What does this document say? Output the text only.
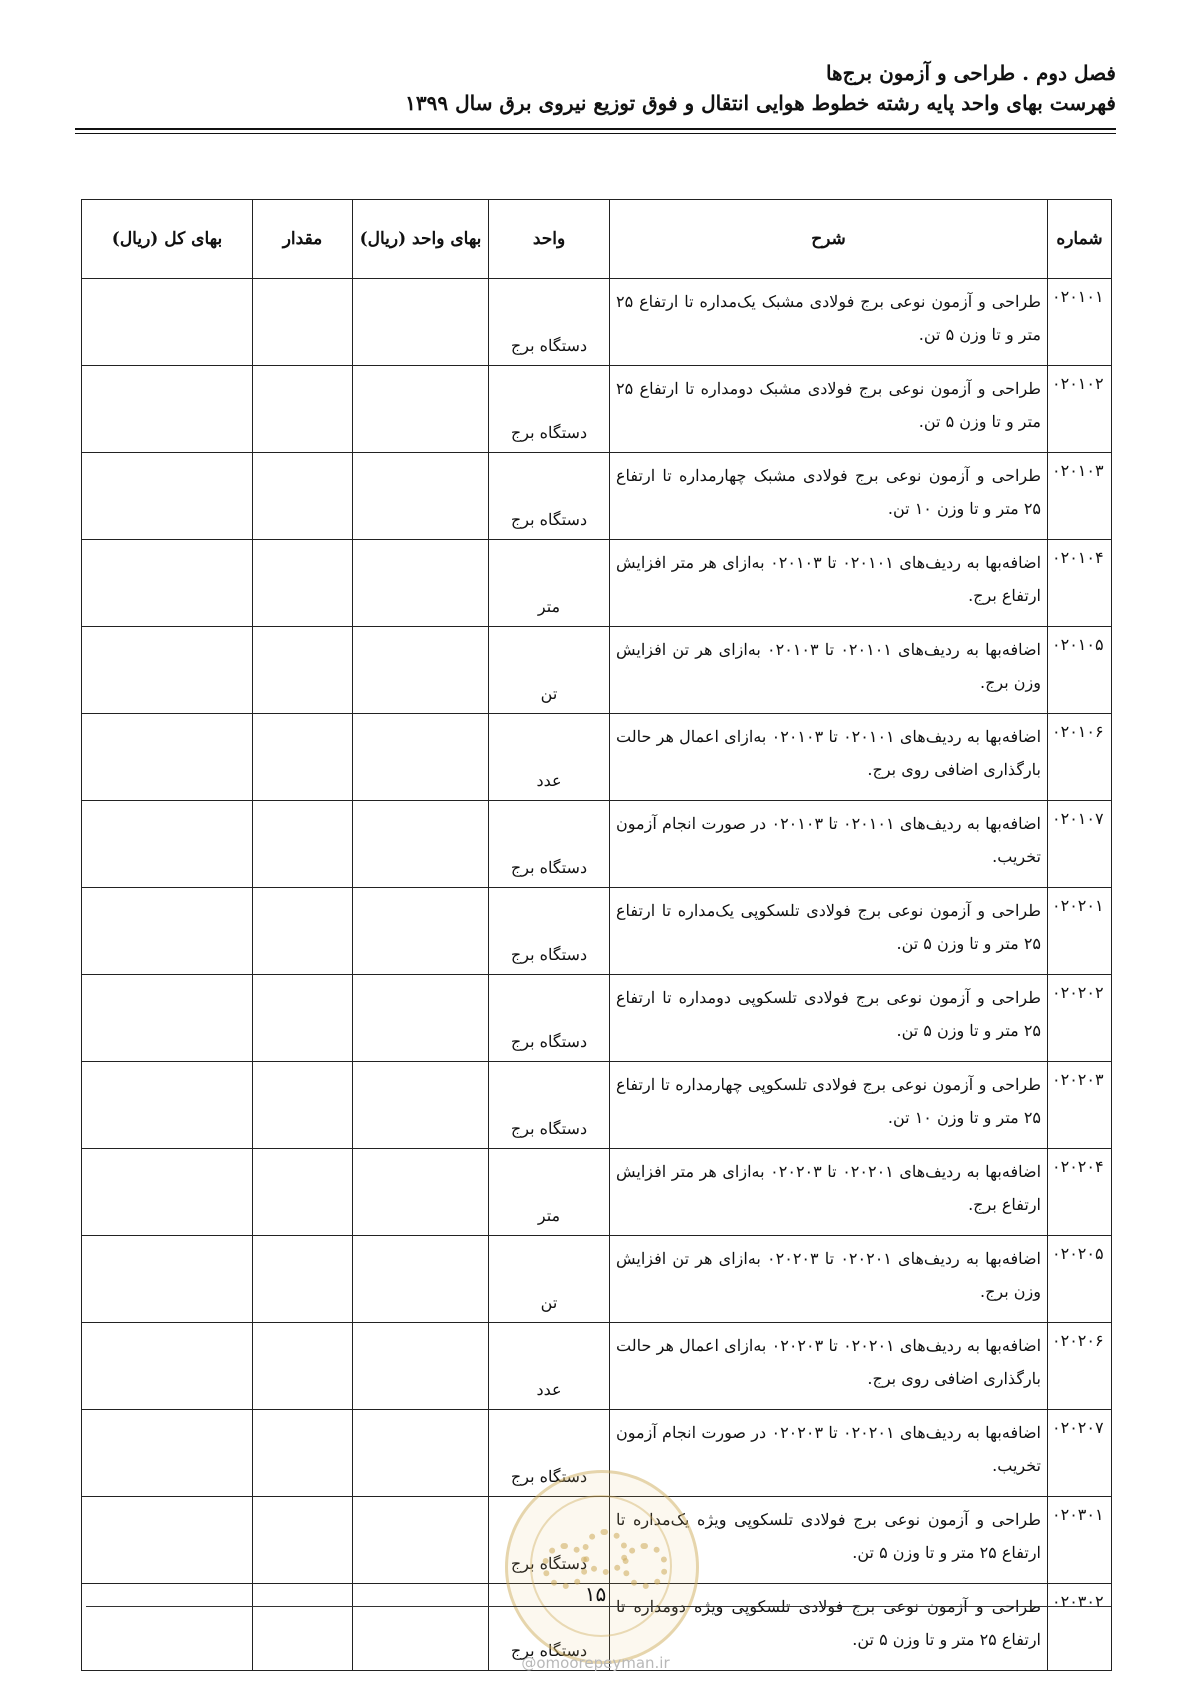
فصل دوم . طراحی و آزمون برج‌ها
فهرست بهای واحد پایه رشته خطوط هوایی انتقال و فوق توزیع نیروی برق سال ۱۳۹۹
شماره	شرح	واحد	بهای واحد (ریال)	مقدار	بهای کل (ریال)
۰۲۰۱۰۱	طراحی و آزمون نوعی برج فولادی مشبک یک‌مداره تا ارتفاع ۲۵ متر و تا وزن ۵ تن.	دستگاه برج			
۰۲۰۱۰۲	طراحی و آزمون نوعی برج فولادی مشبک دومداره تا ارتفاع ۲۵ متر و تا وزن ۵ تن.	دستگاه برج			
۰۲۰۱۰۳	طراحی و آزمون نوعی برج فولادی مشبک چهارمداره تا ارتفاع ۲۵ متر و تا وزن ۱۰ تن.	دستگاه برج			
۰۲۰۱۰۴	اضافه‌بها به ردیف‌های ۰۲۰۱۰۱ تا ۰۲۰۱۰۳ به‌ازای هر متر افزایش ارتفاع برج.	متر			
۰۲۰۱۰۵	اضافه‌بها به ردیف‌های ۰۲۰۱۰۱ تا ۰۲۰۱۰۳ به‌ازای هر تن افزایش وزن برج.	تن			
۰۲۰۱۰۶	اضافه‌بها به ردیف‌های ۰۲۰۱۰۱ تا ۰۲۰۱۰۳ به‌ازای اعمال هر حالت بارگذاری اضافی روی برج.	عدد			
۰۲۰۱۰۷	اضافه‌بها به ردیف‌های ۰۲۰۱۰۱ تا ۰۲۰۱۰۳ در صورت انجام آزمون تخریب.	دستگاه برج			
۰۲۰۲۰۱	طراحی و آزمون نوعی برج فولادی تلسکوپی یک‌مداره تا ارتفاع ۲۵ متر و تا وزن ۵ تن.	دستگاه برج			
۰۲۰۲۰۲	طراحی و آزمون نوعی برج فولادی تلسکوپی دومداره تا ارتفاع ۲۵ متر و تا وزن ۵ تن.	دستگاه برج			
۰۲۰۲۰۳	طراحی و آزمون نوعی برج فولادی تلسکوپی چهارمداره تا ارتفاع ۲۵ متر و تا وزن ۱۰ تن.	دستگاه برج			
۰۲۰۲۰۴	اضافه‌بها به ردیف‌های ۰۲۰۲۰۱ تا ۰۲۰۲۰۳ به‌ازای هر متر افزایش ارتفاع برج.	متر			
۰۲۰۲۰۵	اضافه‌بها به ردیف‌های ۰۲۰۲۰۱ تا ۰۲۰۲۰۳ به‌ازای هر تن افزایش وزن برج.	تن			
۰۲۰۲۰۶	اضافه‌بها به ردیف‌های ۰۲۰۲۰۱ تا ۰۲۰۲۰۳ به‌ازای اعمال هر حالت بارگذاری اضافی روی برج.	عدد			
۰۲۰۲۰۷	اضافه‌بها به ردیف‌های ۰۲۰۲۰۱ تا ۰۲۰۲۰۳ در صورت انجام آزمون تخریب.	دستگاه برج			
۰۲۰۳۰۱	طراحی و آزمون نوعی برج فولادی تلسکوپی ویژه یک‌مداره تا ارتفاع ۲۵ متر و تا وزن ۵ تن.	دستگاه برج			
۰۲۰۳۰۲	طراحی و آزمون نوعی برج فولادی تلسکوپی ویژه دومداره تا ارتفاع ۲۵ متر و تا وزن ۵ تن.	دستگاه برج			
۱۵
@omoorepeyman.ir
